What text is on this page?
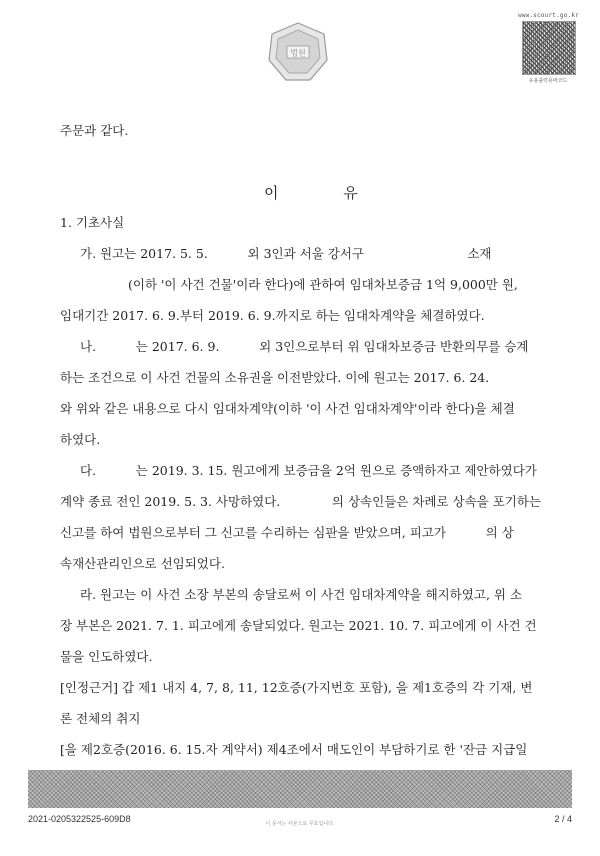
법원
www.scourt.go.kr
유용출력용바코드
주문과 같다.
이 유
1. 기초사실
가. 원고는 2017. 5. 5.          외 3인과 서울 강서구                          소재
(이하 '이 사건 건물'이라 한다)에 관하여 임대차보증금 1억 9,000만 원,
임대기간 2017. 6. 9.부터 2019. 6. 9.까지로 하는 임대차계약을 체결하였다.
나.          는 2017. 6. 9.          외 3인으로부터 위 임대차보증금 반환의무를 승계
하는 조건으로 이 사건 건물의 소유권을 이전받았다. 이에 원고는 2017. 6. 24.
와 위와 같은 내용으로 다시 임대차계약(이하 '이 사건 임대차계약'이라 한다)을 체결
하였다.
다.          는 2019. 3. 15. 원고에게 보증금을 2억 원으로 증액하자고 제안하였다가
계약 종료 전인 2019. 5. 3. 사망하였다.             의 상속인들은 차례로 상속을 포기하는
신고를 하여 법원으로부터 그 신고를 수리하는 심판을 받았으며, 피고가          의 상
속재산관리인으로 선임되었다.
라. 원고는 이 사건 소장 부본의 송달로써 이 사건 임대차계약을 해지하였고, 위 소
장 부본은 2021. 7. 1. 피고에게 송달되었다. 원고는 2021. 10. 7. 피고에게 이 사건 건
물을 인도하였다.
[인정근거] 갑 제1 내지 4, 7, 8, 11, 12호증(가지번호 포함), 을 제1호증의 각 기재, 변
론 전체의 취지
[을 제2호증(2016. 6. 15.자 계약서) 제4조에서 매도인이 부담하기로 한 '잔금 지급일
2021-0205322525-609D8	이 문서는 사본으로 무효입니다.	2 / 4
